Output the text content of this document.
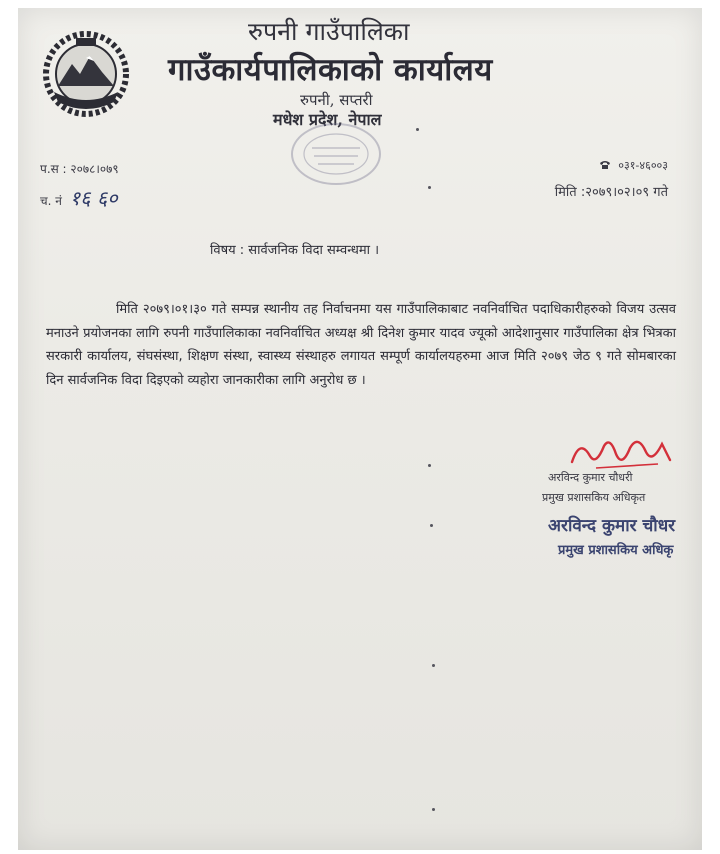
रुपनी गाउँपालिका
गाउँकार्यपालिकाको कार्यालय
रुपनी, सप्तरी
मधेश प्रदेश, नेपाल
प.स : २०७८।०७९
च. नं १६ ६०
०३१-४६००३
मिति :२०७९।०२।०९ गते
विषय : सार्वजनिक विदा सम्वन्धमा ।
मिति २०७९।०१।३० गते सम्पन्न स्थानीय तह निर्वाचनमा यस गाउँपालिकाबाट नवनिर्वाचित पदाधिकारीहरुको विजय उत्सव मनाउने प्रयोजनका लागि रुपनी गाउँपालिकाका नवनिर्वाचित अध्यक्ष श्री दिनेश कुमार यादव ज्यूको आदेशानुसार गाउँपालिका क्षेत्र भित्रका सरकारी कार्यालय, संघसंस्था, शिक्षण संस्था, स्वास्थ्य संस्थाहरु लगायत सम्पूर्ण कार्यालयहरुमा आज मिति २०७९ जेठ ९ गते सोमबारका दिन सार्वजनिक विदा दिइएको व्यहोरा जानकारीका लागि अनुरोध छ ।
अरविन्द कुमार चौधरी
प्रमुख प्रशासकिय अधिकृत
अरविन्द कुमार चौधर
प्रमुख प्रशासकिय अधिकृ
